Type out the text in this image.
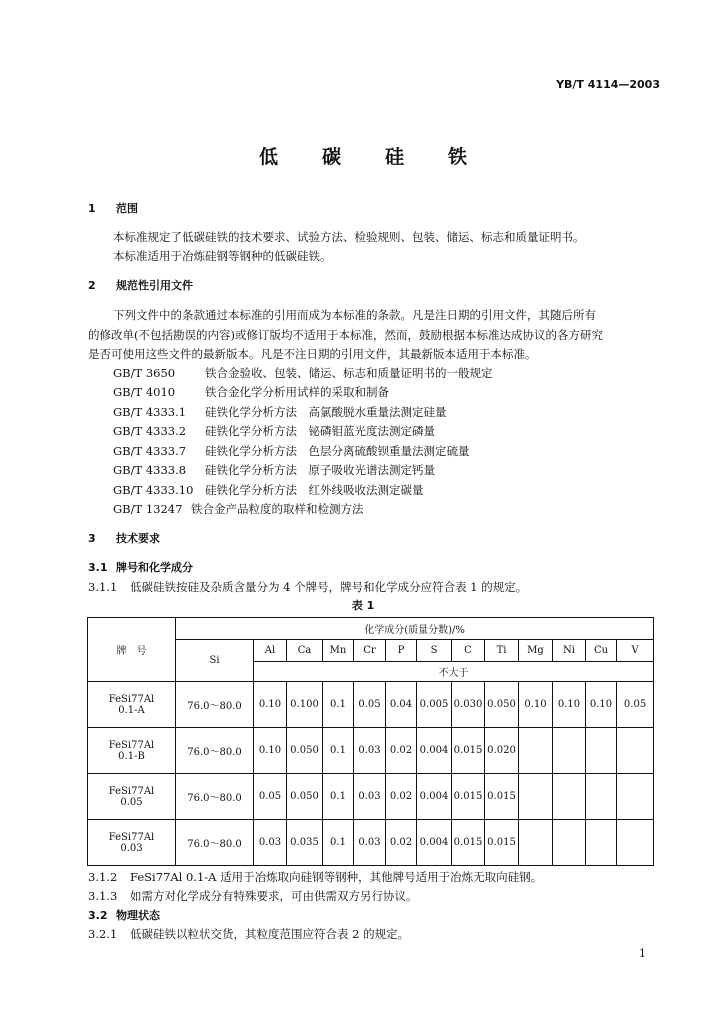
YB/T 4114—2003
低碳硅铁
1 范围
本标准规定了低碳硅铁的技术要求、试验方法、检验规则、包装、储运、标志和质量证明书。
本标准适用于冶炼硅钢等钢种的低碳硅铁。
2 规范性引用文件
下列文件中的条款通过本标准的引用而成为本标准的条款。凡是注日期的引用文件，其随后所有
的修改单(不包括勘误的内容)或修订版均不适用于本标准，然而，鼓励根据本标准达成协议的各方研究
是否可使用这些文件的最新版本。凡是不注日期的引用文件，其最新版本适用于本标准。
GB/T 3650	铁合金验收、包装、储运、标志和质量证明书的一般规定
GB/T 4010	铁合金化学分析用试样的采取和制备
GB/T 4333.1 硅铁化学分析方法　高氯酸脱水重量法测定硅量
GB/T 4333.2 硅铁化学分析方法　铋磷钼蓝光度法测定磷量
GB/T 4333.7 硅铁化学分析方法　色层分离硫酸钡重量法测定硫量
GB/T 4333.8 硅铁化学分析方法　原子吸收光谱法测定钙量
GB/T 4333.10 硅铁化学分析方法　红外线吸收法测定碳量
GB/T 13247 铁合金产品粒度的取样和检测方法
3 技术要求
3.1 牌号和化学成分
3.1.1 低碳硅铁按硅及杂质含量分为 4 个牌号，牌号和化学成分应符合表 1 的规定。
表 1
牌　号	化学成分(质量分数)/%												
	Si	Al	Ca	Mn	Cr	P	S	C	Ti	Mg	Ni	Cu	V
		不大于											

FeSi77Al
0.1-A	76.0～80.0	0.10	0.100	0.1	0.05	0.04	0.005	0.030	0.050	0.10	0.10	0.10	0.05

FeSi77Al
0.1-B	76.0～80.0	0.10	0.050	0.1	0.03	0.02	0.004	0.015	0.020				

FeSi77Al
0.05	76.0～80.0	0.05	0.050	0.1	0.03	0.02	0.004	0.015	0.015				

FeSi77Al
0.03	76.0～80.0	0.03	0.035	0.1	0.03	0.02	0.004	0.015	0.015				
3.1.2 FeSi77Al 0.1-A 适用于冶炼取向硅钢等钢种，其他牌号适用于冶炼无取向硅钢。
3.1.3 如需方对化学成分有特殊要求，可由供需双方另行协议。
3.2 物理状态
3.2.1 低碳硅铁以粒状交货，其粒度范围应符合表 2 的规定。
1
